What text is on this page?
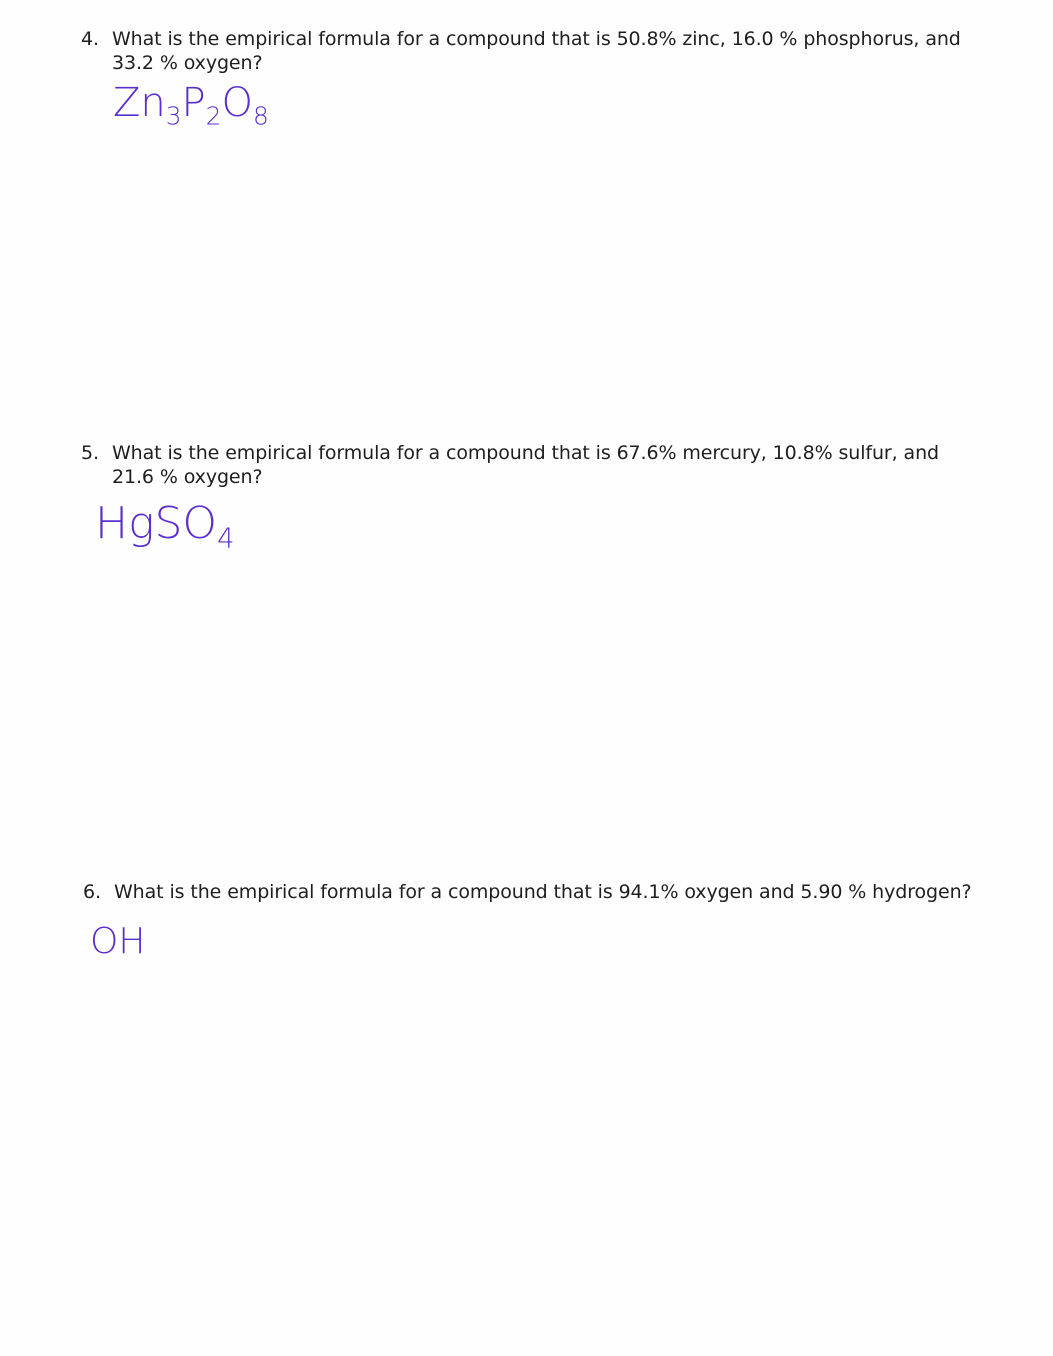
4. What is the empirical formula for a compound that is 50.8% zinc, 16.0 % phosphorus, and 33.2 % oxygen?
$Zn_3P_2O_8$
5. What is the empirical formula for a compound that is 67.6% mercury, 10.8% sulfur, and 21.6 % oxygen?
HgSO$_4$
6. What is the empirical formula for a compound that is 94.1% oxygen and 5.90 % hydrogen?
OH
